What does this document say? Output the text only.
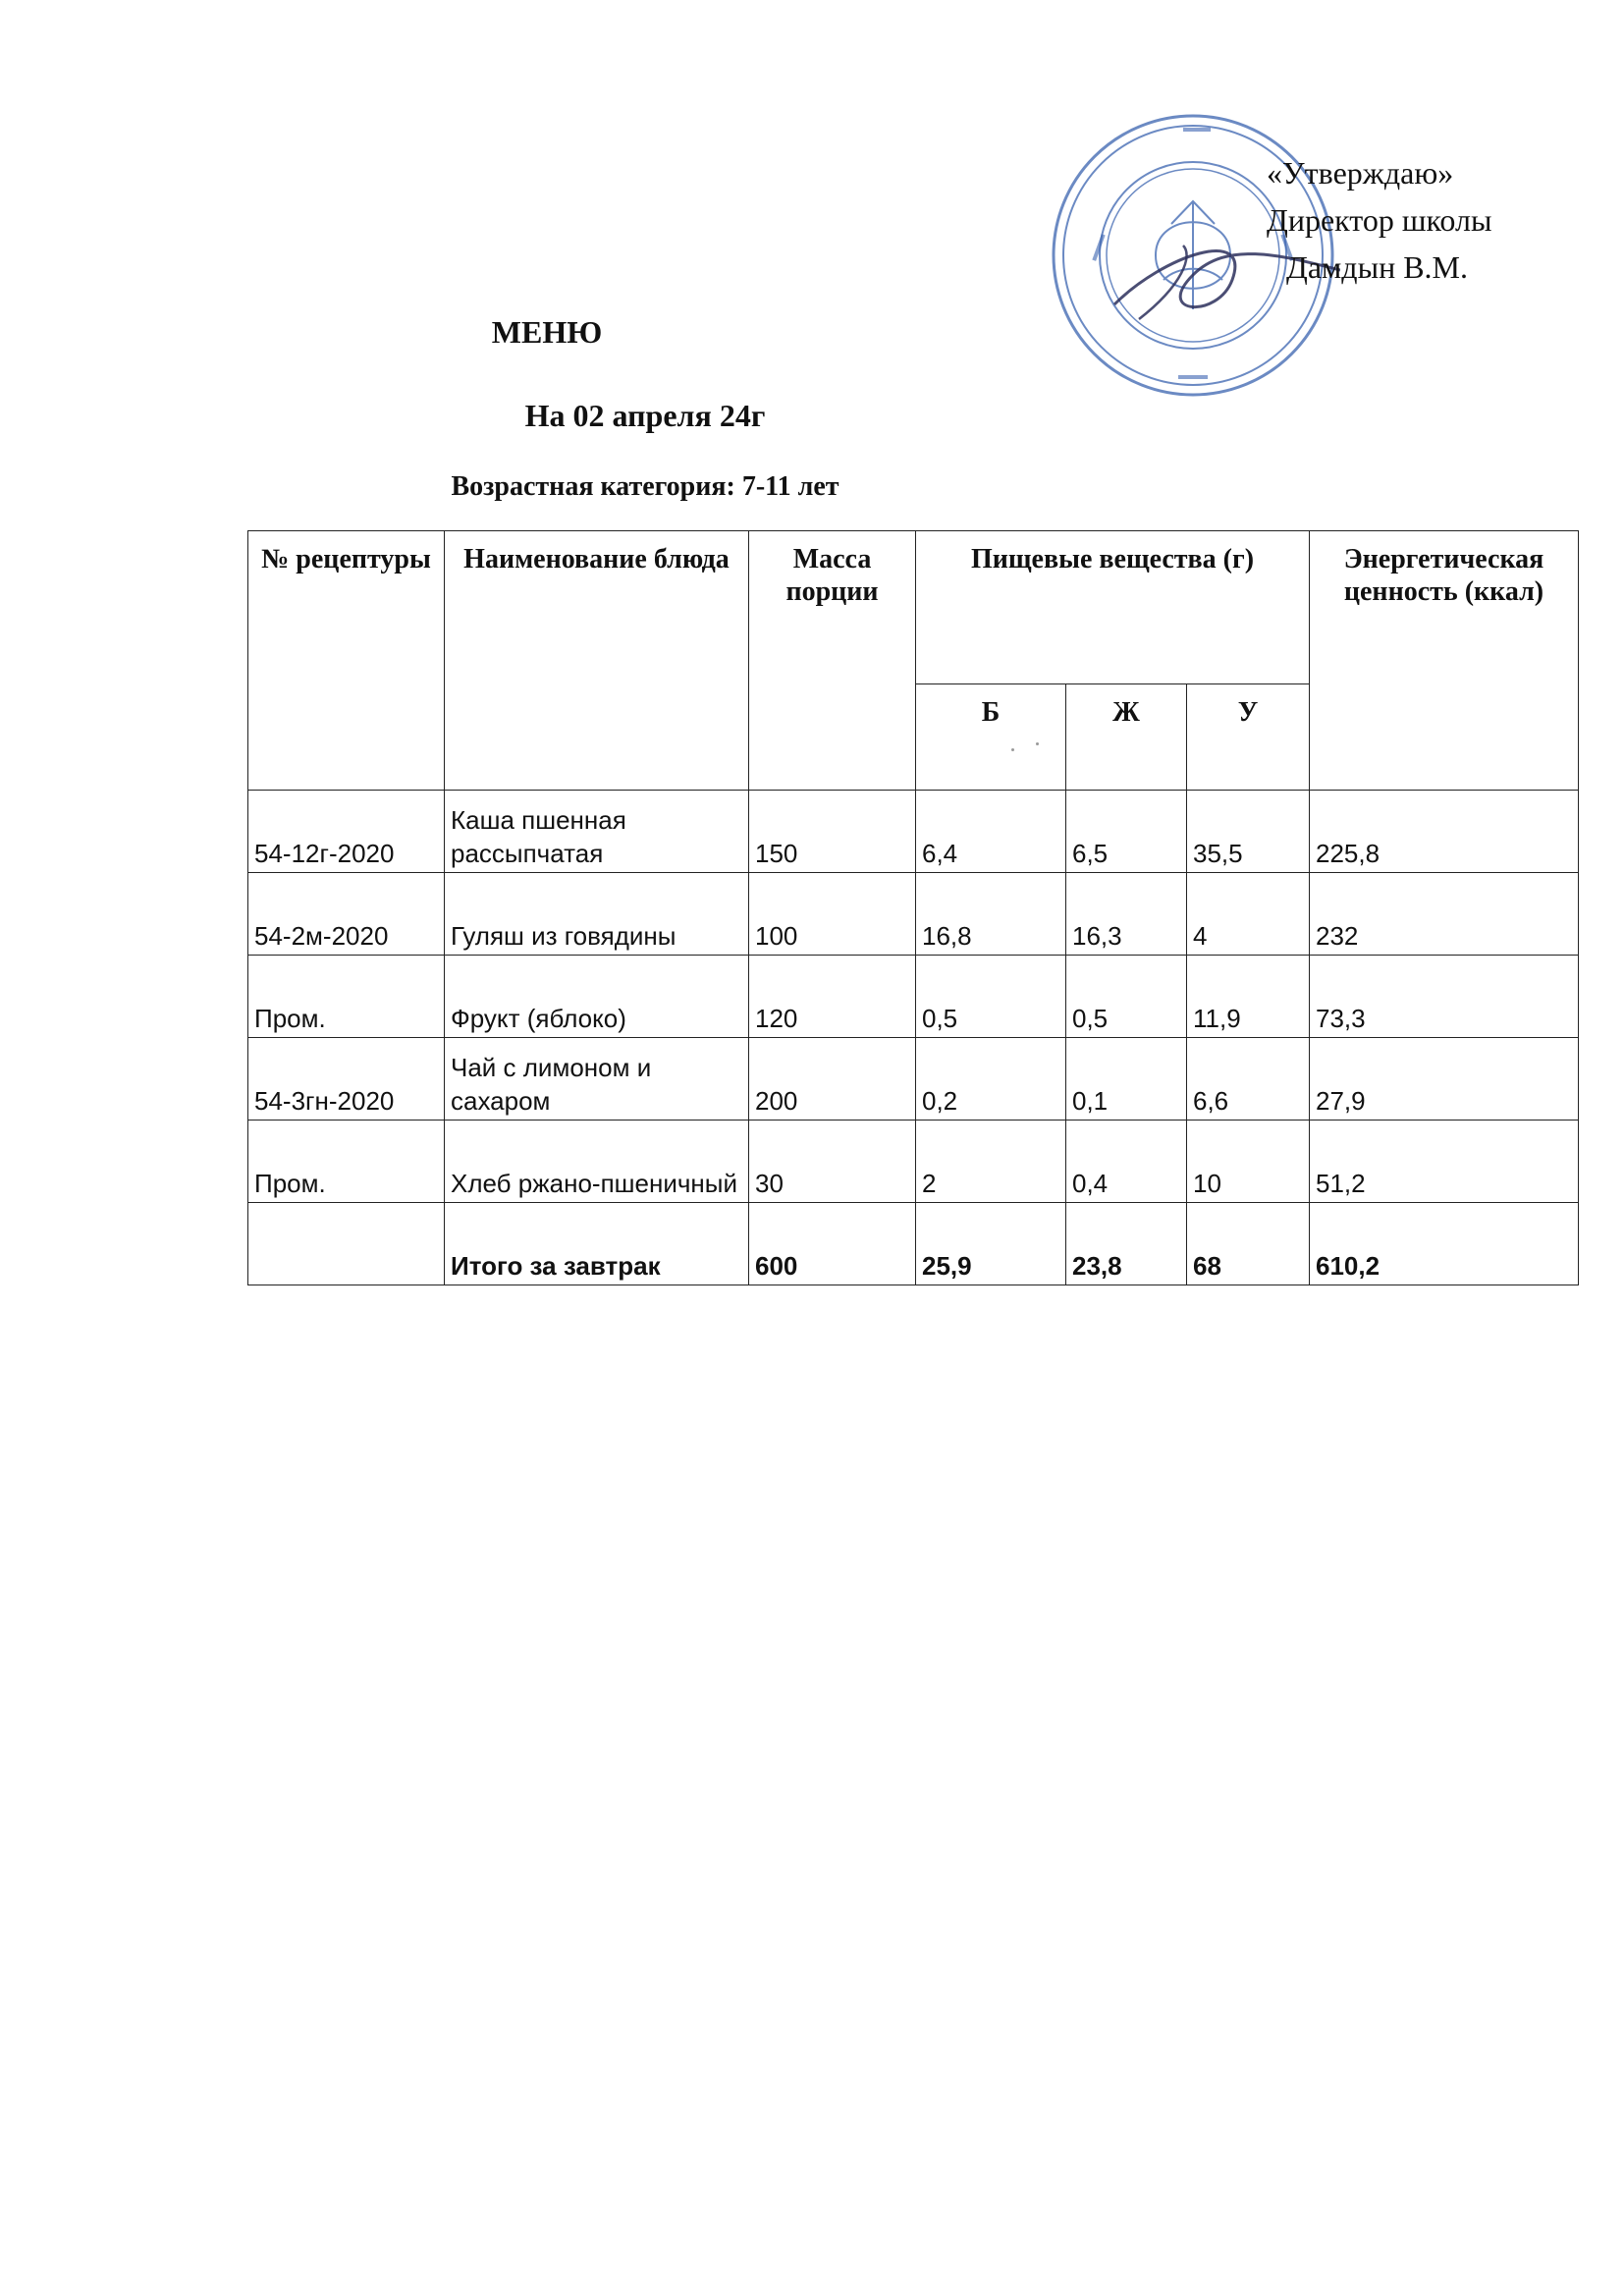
«Утверждаю»
Директор школы
Дамдын В.М.
МЕНЮ
На 02 апреля 24г
Возрастная категория: 7-11 лет
№ рецептуры	Наименование блюда	Масса порции	Пищевые вещества (г)			Энергетическая ценность (ккал)
			Б	Ж	У	
54-12г-2020	Каша пшенная рассыпчатая	150	6,4	6,5	35,5	225,8
54-2м-2020	Гуляш из говядины	100	16,8	16,3	4	232
Пром.	Фрукт (яблоко)	120	0,5	0,5	11,9	73,3
54-3гн-2020	Чай с лимоном и сахаром	200	0,2	0,1	6,6	27,9
Пром.	Хлеб ржано-пшеничный	30	2	0,4	10	51,2
	Итого за завтрак	600	25,9	23,8	68	610,2
